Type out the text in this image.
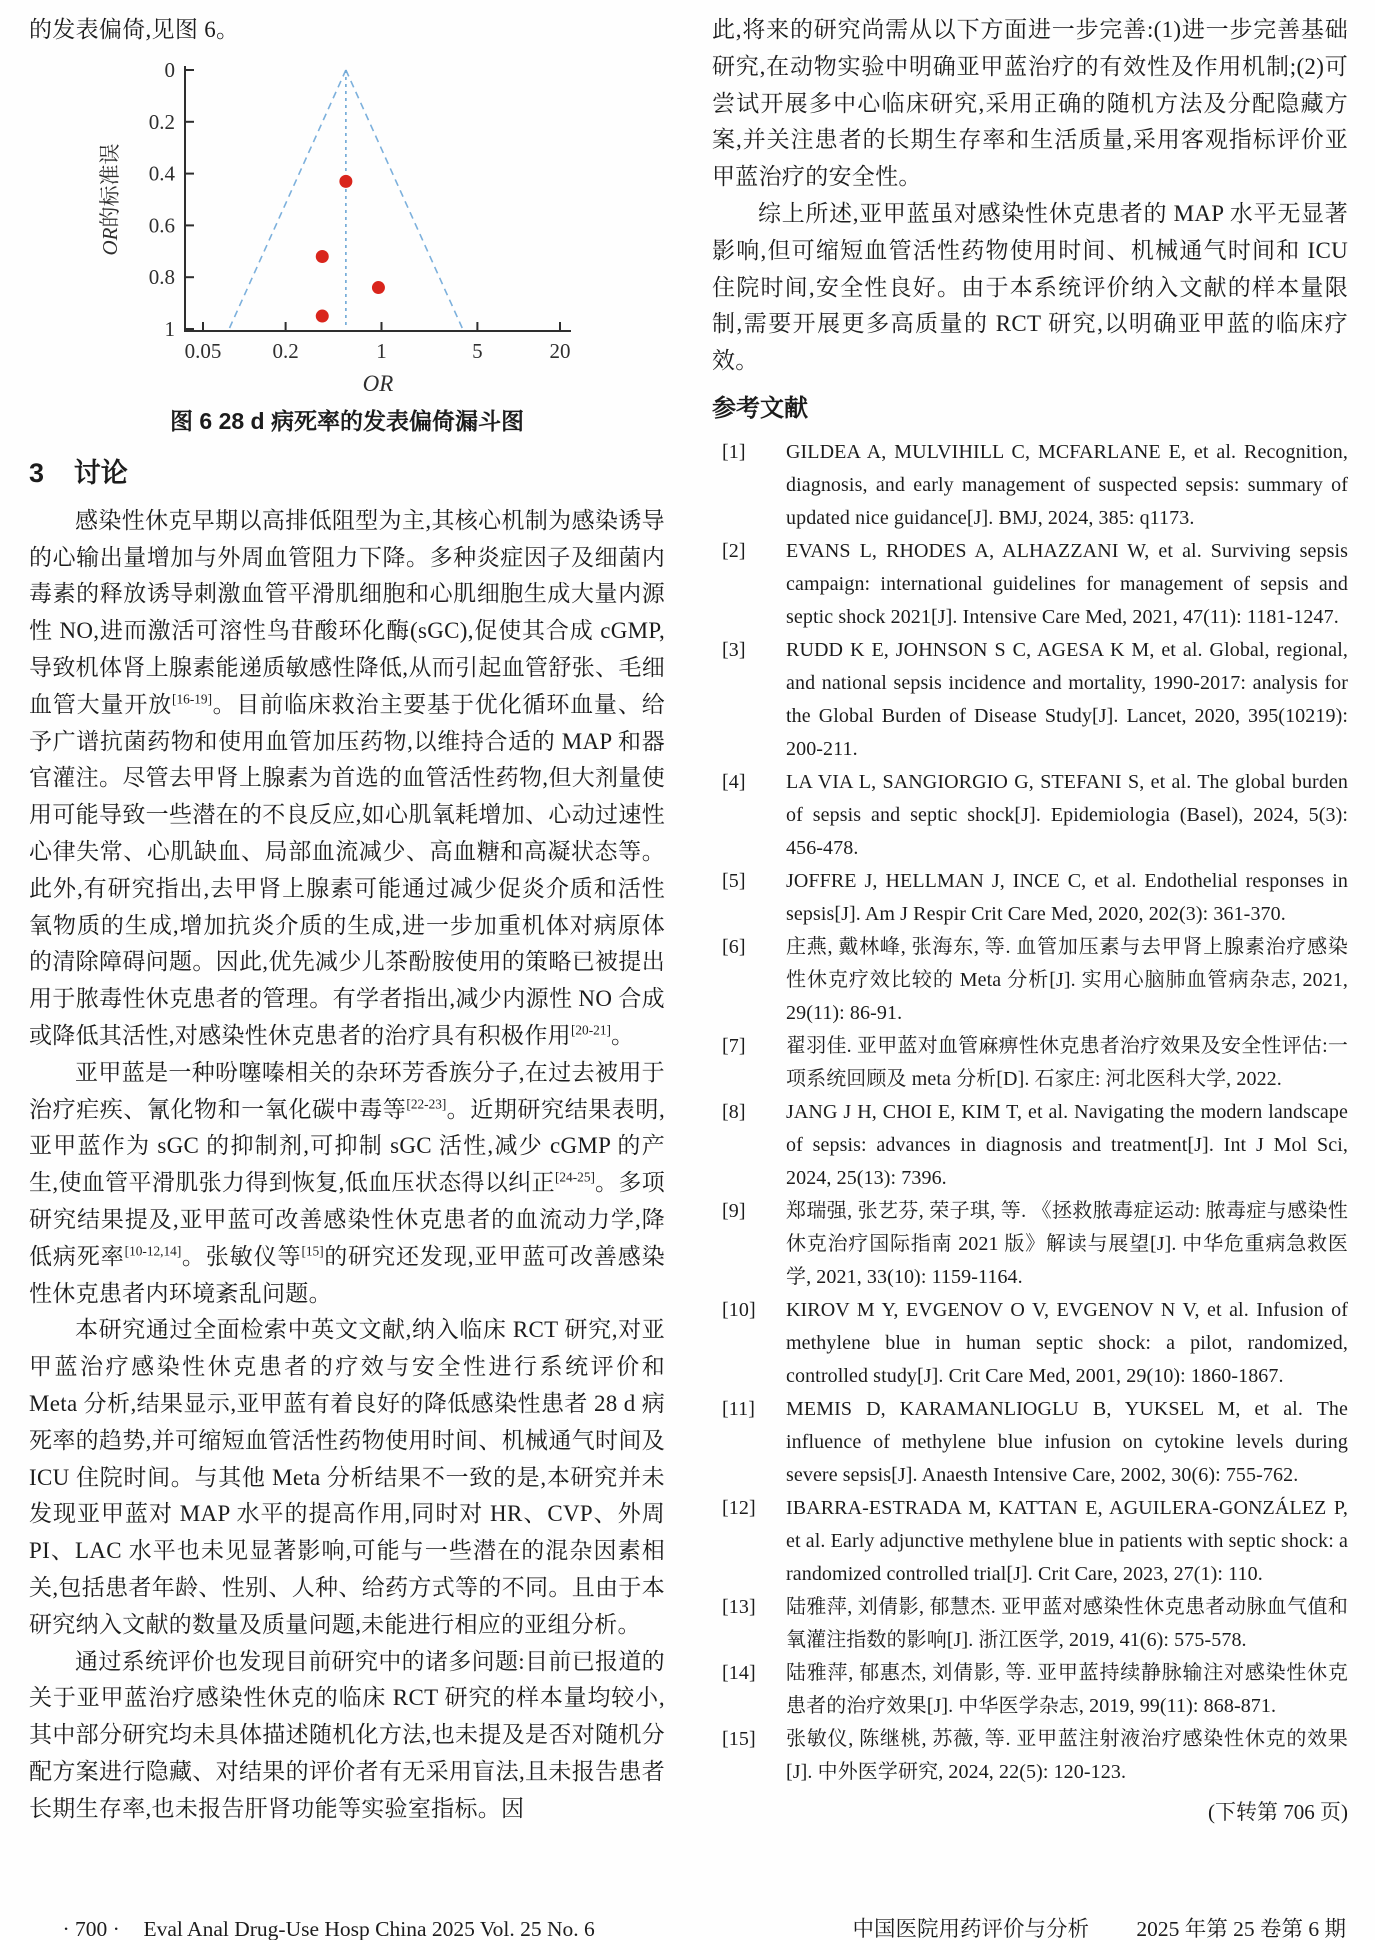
的发表偏倚,见图 6。

0
0.2
0.4
0.6
0.8
1
0.05 0.2	1	5	20
OR
OR的标准误
图 6 28 d 病死率的发表偏倚漏斗图
3 讨论

感染性休克早期以高排低阻型为主,其核心机制为感染诱导的心输出量增加与外周血管阻力下降。多种炎症因子及细菌内毒素的释放诱导刺激血管平滑肌细胞和心肌细胞生成大量内源性 NO,进而激活可溶性鸟苷酸环化酶(sGC),促使其合成 cGMP,导致机体肾上腺素能递质敏感性降低,从而引起血管舒张、毛细血管大量开放[16-19]。目前临床救治主要基于优化循环血量、给予广谱抗菌药物和使用血管加压药物,以维持合适的 MAP 和器官灌注。尽管去甲肾上腺素为首选的血管活性药物,但大剂量使用可能导致一些潜在的不良反应,如心肌氧耗增加、心动过速性心律失常、心肌缺血、局部血流减少、高血糖和高凝状态等。此外,有研究指出,去甲肾上腺素可能通过减少促炎介质和活性氧物质的生成,增加抗炎介质的生成,进一步加重机体对病原体的清除障碍问题。因此,优先减少儿茶酚胺使用的策略已被提出用于脓毒性休克患者的管理。有学者指出,减少内源性 NO 合成或降低其活性,对感染性休克患者的治疗具有积极作用[20-21]。

亚甲蓝是一种吩噻嗪相关的杂环芳香族分子,在过去被用于治疗疟疾、氰化物和一氧化碳中毒等[22-23]。近期研究结果表明,亚甲蓝作为 sGC 的抑制剂,可抑制 sGC 活性,减少 cGMP 的产生,使血管平滑肌张力得到恢复,低血压状态得以纠正[24-25]。多项研究结果提及,亚甲蓝可改善感染性休克患者的血流动力学,降低病死率[10-12,14]。张敏仪等[15]的研究还发现,亚甲蓝可改善感染性休克患者内环境紊乱问题。

本研究通过全面检索中英文文献,纳入临床 RCT 研究,对亚甲蓝治疗感染性休克患者的疗效与安全性进行系统评价和 Meta 分析,结果显示,亚甲蓝有着良好的降低感染性患者 28 d 病死率的趋势,并可缩短血管活性药物使用时间、机械通气时间及 ICU 住院时间。与其他 Meta 分析结果不一致的是,本研究并未发现亚甲蓝对 MAP 水平的提高作用,同时对 HR、CVP、外周 PI、LAC 水平也未见显著影响,可能与一些潜在的混杂因素相关,包括患者年龄、性别、人种、给药方式等的不同。且由于本研究纳入文献的数量及质量问题,未能进行相应的亚组分析。

通过系统评价也发现目前研究中的诸多问题:目前已报道的关于亚甲蓝治疗感染性休克的临床 RCT 研究的样本量均较小,其中部分研究均未具体描述随机化方法,也未提及是否对随机分配方案进行隐藏、对结果的评价者有无采用盲法,且未报告患者长期生存率,也未报告肝肾功能等实验室指标。因

此,将来的研究尚需从以下方面进一步完善:(1)进一步完善基础研究,在动物实验中明确亚甲蓝治疗的有效性及作用机制;(2)可尝试开展多中心临床研究,采用正确的随机方法及分配隐藏方案,并关注患者的长期生存率和生活质量,采用客观指标评价亚甲蓝治疗的安全性。

综上所述,亚甲蓝虽对感染性休克患者的 MAP 水平无显著影响,但可缩短血管活性药物使用时间、机械通气时间和 ICU 住院时间,安全性良好。由于本系统评价纳入文献的样本量限制,需要开展更多高质量的 RCT 研究,以明确亚甲蓝的临床疗效。

参考文献
[1] GILDEA A, MULVIHILL C, MCFARLANE E, et al. Recognition, diagnosis, and early management of suspected sepsis: summary of updated nice guidance[J]. BMJ, 2024, 385: q1173.
[2] EVANS L, RHODES A, ALHAZZANI W, et al. Surviving sepsis campaign: international guidelines for management of sepsis and septic shock 2021[J]. Intensive Care Med, 2021, 47(11): 1181-1247.
[3] RUDD K E, JOHNSON S C, AGESA K M, et al. Global, regional, and national sepsis incidence and mortality, 1990-2017: analysis for the Global Burden of Disease Study[J]. Lancet, 2020, 395(10219): 200-211.
[4] LA VIA L, SANGIORGIO G, STEFANI S, et al. The global burden of sepsis and septic shock[J]. Epidemiologia (Basel), 2024, 5(3): 456-478.
[5] JOFFRE J, HELLMAN J, INCE C, et al. Endothelial responses in sepsis[J]. Am J Respir Crit Care Med, 2020, 202(3): 361-370.
[6] 庄燕, 戴林峰, 张海东, 等. 血管加压素与去甲肾上腺素治疗感染性休克疗效比较的 Meta 分析[J]. 实用心脑肺血管病杂志, 2021, 29(11): 86-91.
[7] 翟羽佳. 亚甲蓝对血管麻痹性休克患者治疗效果及安全性评估:一项系统回顾及 meta 分析[D]. 石家庄: 河北医科大学, 2022.
[8] JANG J H, CHOI E, KIM T, et al. Navigating the modern landscape of sepsis: advances in diagnosis and treatment[J]. Int J Mol Sci, 2024, 25(13): 7396.
[9] 郑瑞强, 张艺芬, 荣子琪, 等. 《拯救脓毒症运动: 脓毒症与感染性休克治疗国际指南 2021 版》解读与展望[J]. 中华危重病急救医学, 2021, 33(10): 1159-1164.
[10] KIROV M Y, EVGENOV O V, EVGENOV N V, et al. Infusion of methylene blue in human septic shock: a pilot, randomized, controlled study[J]. Crit Care Med, 2001, 29(10): 1860-1867.
[11] MEMIS D, KARAMANLIOGLU B, YUKSEL M, et al. The influence of methylene blue infusion on cytokine levels during severe sepsis[J]. Anaesth Intensive Care, 2002, 30(6): 755-762.
[12] IBARRA-ESTRADA M, KATTAN E, AGUILERA-GONZÁLEZ P, et al. Early adjunctive methylene blue in patients with septic shock: a randomized controlled trial[J]. Crit Care, 2023, 27(1): 110.
[13] 陆雅萍, 刘倩影, 郁慧杰. 亚甲蓝对感染性休克患者动脉血气值和氧灌注指数的影响[J]. 浙江医学, 2019, 41(6): 575-578.
[14] 陆雅萍, 郁惠杰, 刘倩影, 等. 亚甲蓝持续静脉输注对感染性休克患者的治疗效果[J]. 中华医学杂志, 2019, 99(11): 868-871.
[15] 张敏仪, 陈继桃, 苏薇, 等. 亚甲蓝注射液治疗感染性休克的效果[J]. 中外医学研究, 2024, 22(5): 120-123.
(下转第 706 页)

· 700 · Eval Anal Drug-Use Hosp China 2025 Vol. 25 No. 6
	中国医院用药评价与分析 2025 年第 25 卷第 6 期
